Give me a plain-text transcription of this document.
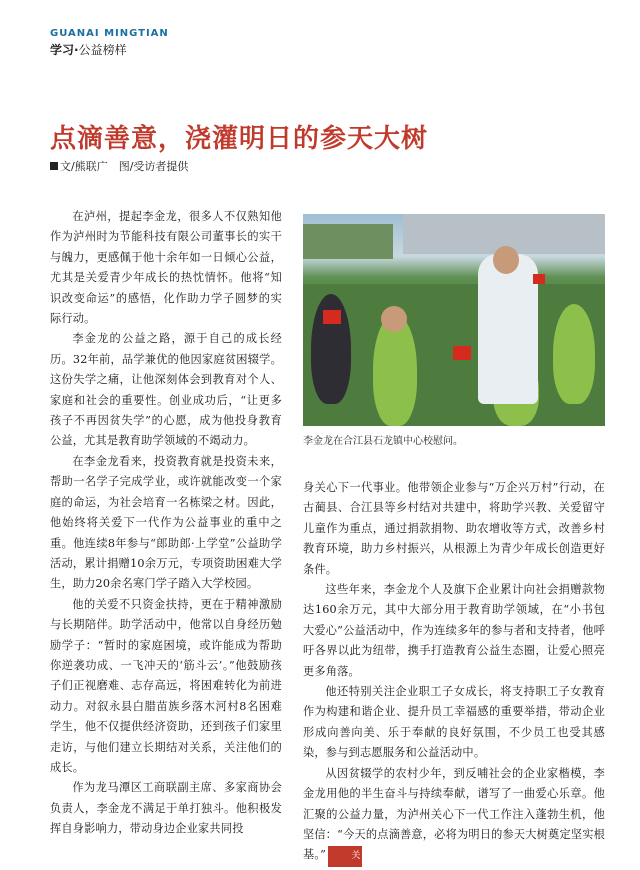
GUANAI MINGTIAN
学习·公益榜样
点滴善意，浇灌明日的参天大树
文/熊联广　图/受访者提供

在泸州，提起李金龙，很多人不仅熟知他作为泸州时为节能科技有限公司董事长的实干与魄力，更感佩于他十余年如一日倾心公益，尤其是关爱青少年成长的热忱情怀。他将“知识改变命运”的感悟，化作助力学子圆梦的实际行动。

李金龙的公益之路，源于自己的成长经历。32年前，品学兼优的他因家庭贫困辍学。这份失学之痛，让他深刻体会到教育对个人、家庭和社会的重要性。创业成功后，“让更多孩子不再因贫失学”的心愿，成为他投身教育公益，尤其是教育助学领域的不竭动力。

在李金龙看来，投资教育就是投资未来，帮助一名学子完成学业，或许就能改变一个家庭的命运，为社会培育一名栋梁之材。因此，他始终将关爱下一代作为公益事业的重中之重。他连续8年参与“郎助郎·上学堂”公益助学活动，累计捐赠10余万元，专项资助困难大学生，助力20余名寒门学子踏入大学校园。

他的关爱不只资金扶持，更在于精神激励与长期陪伴。助学活动中，他常以自身经历勉励学子：“暂时的家庭困境，或许能成为帮助你逆袭功成、一飞冲天的‘筋斗云’。”他鼓励孩子们正视磨难、志存高远，将困难转化为前进动力。对叙永县白腊苗族乡落木河村8名困难学生，他不仅提供经济资助，还到孩子们家里走访，与他们建立长期结对关系，关注他们的成长。

作为龙马潭区工商联副主席、多家商协会负责人，李金龙不满足于单打独斗。他积极发挥自身影响力，带动身边企业家共同投

李金龙在合江县石龙镇中心校慰问。

身关心下一代事业。他带领企业参与“万企兴万村”行动，在古蔺县、合江县等乡村结对共建中，将助学兴教、关爱留守儿童作为重点，通过捐款捐物、助农增收等方式，改善乡村教育环境，助力乡村振兴，从根源上为青少年成长创造更好条件。

这些年来，李金龙个人及旗下企业累计向社会捐赠款物达160余万元，其中大部分用于教育助学领域，在“小书包 大爱心”公益活动中，作为连续多年的参与者和支持者，他呼吁各界以此为纽带，携手打造教育公益生态圈，让爱心照亮更多角落。

他还特别关注企业职工子女成长，将支持职工子女教育作为构建和谐企业、提升员工幸福感的重要举措，带动企业形成向善向美、乐于奉献的良好氛围，不少员工也受其感染，参与到志愿服务和公益活动中。

从因贫辍学的农村少年，到反哺社会的企业家楷模，李金龙用他的半生奋斗与持续奉献，谱写了一曲爱心乐章。他汇聚的公益力量，为泸州关心下一代工作注入蓬勃生机，他坚信：“今天的点滴善意，必将为明日的参天大树奠定坚实根基。”	关
